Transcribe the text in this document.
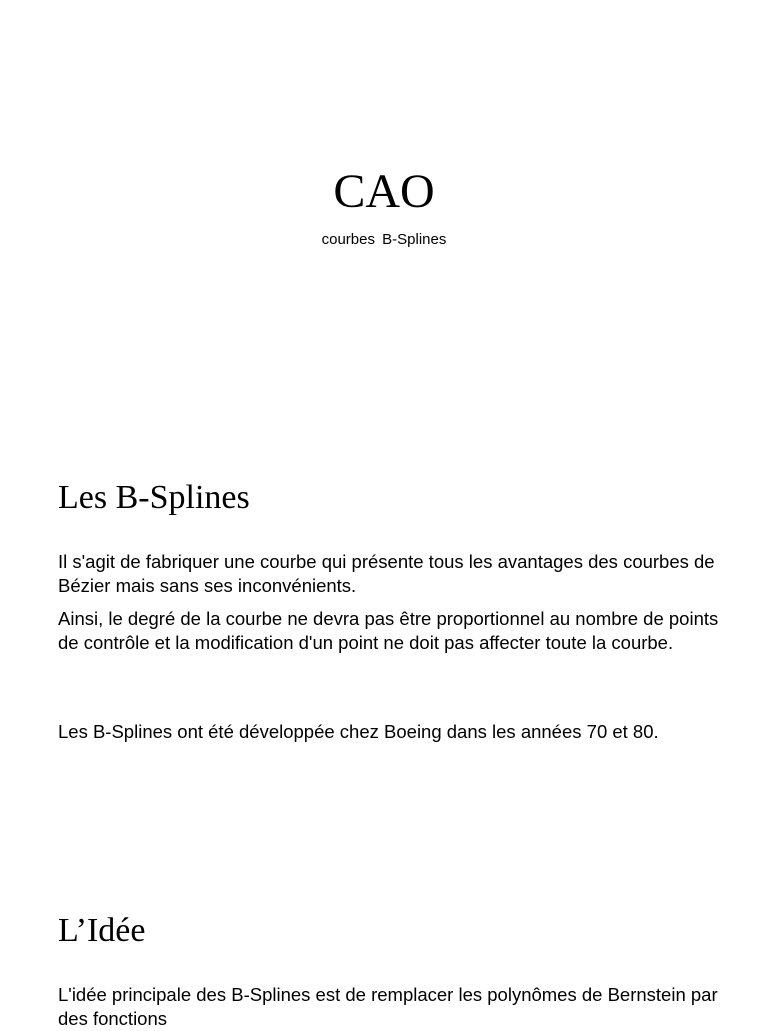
CAO

courbes B-Splines

Les B-Splines

Il s'agit de fabriquer une courbe qui présente tous les avantages des courbes de Bézier mais sans ses inconvénients.

Ainsi, le degré de la courbe ne devra pas être proportionnel au nombre de points de contrôle et la modification d'un point ne doit pas affecter toute la courbe.

Les B-Splines ont été développée chez Boeing dans les années 70 et 80.

L’Idée

L'idée principale des B-Splines est de remplacer les polynômes de Bernstein par des fonctions
